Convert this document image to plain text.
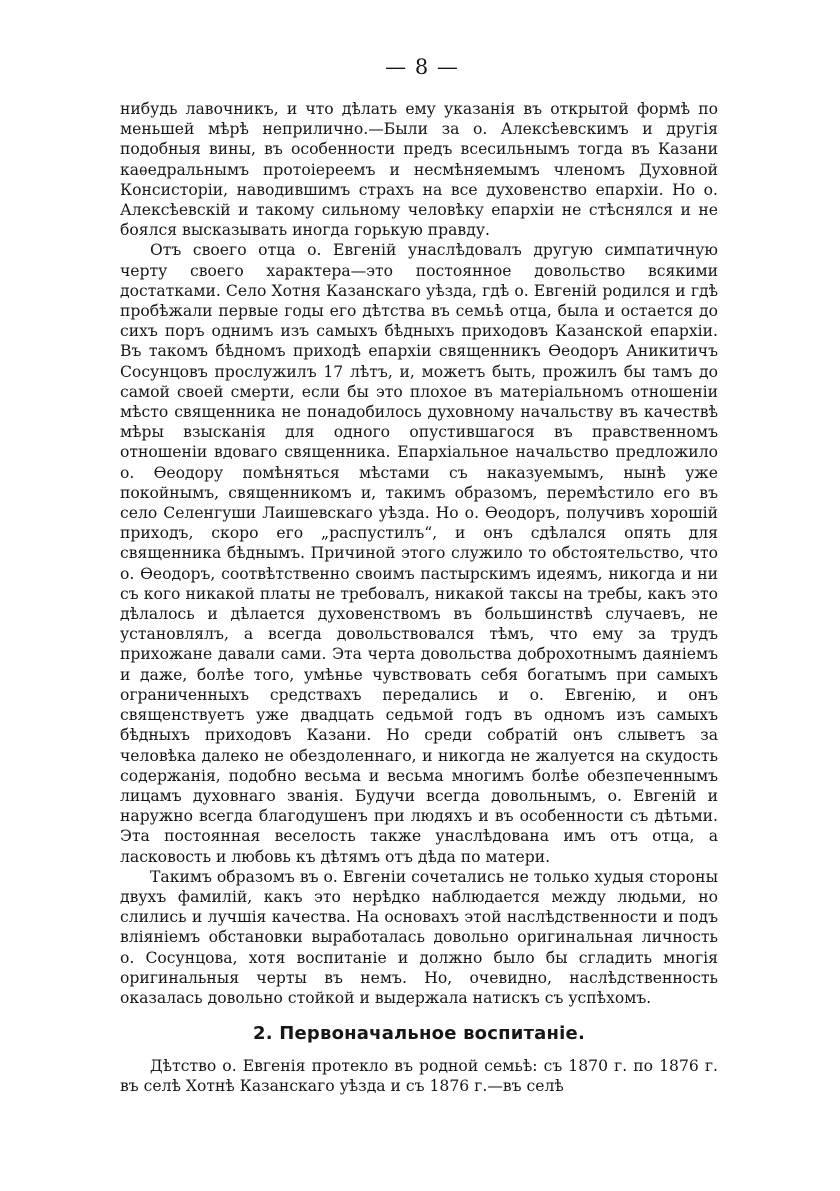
— 8 —

нибудь лавочникъ, и что дѣлать ему указанія въ открытой формѣ по меньшей мѣрѣ неприлично.—Были за о. Алексѣевскимъ и другія подобныя вины, въ особенности предъ всесильнымъ тогда въ Казани каѳедральнымъ протоіереемъ и несмѣняемымъ членомъ Духовной Консисторіи, наводившимъ страхъ на все духовенство епархіи. Но о. Алексѣевскій и такому сильному человѣку епархіи не стѣснялся и не боялся высказывать иногда горькую правду.

Отъ своего отца о. Евгеній унаслѣдовалъ другую симпатичную черту своего характера—это постоянное довольство всякими достатками. Село Хотня Казанскаго уѣзда, гдѣ о. Евгеній родился и гдѣ пробѣжали первые годы его дѣтства въ семьѣ отца, была и остается до сихъ поръ однимъ изъ самыхъ бѣдныхъ приходовъ Казанской епархіи. Въ такомъ бѣдномъ приходѣ епархіи священникъ Ѳеодоръ Аникитичъ Сосунцовъ прослужилъ 17 лѣтъ, и, можетъ быть, прожилъ бы тамъ до самой своей смерти, если бы это плохое въ матеріальномъ отношеніи мѣсто священника не понадобилось духовному начальству въ качествѣ мѣры взысканія для одного опустившагося въ правственномъ отношеніи вдоваго священника. Епархіальное начальство предложило о. Ѳеодору помѣняться мѣстами съ наказуемымъ, нынѣ уже покойнымъ, священникомъ и, такимъ образомъ, перемѣстило его въ село Селенгуши Лаишевскаго уѣзда. Но о. Ѳеодоръ, получивъ хорошій приходъ, скоро его „распустилъ“, и онъ сдѣлался опять для священника бѣднымъ. Причиной этого служило то обстоятельство, что о. Ѳеодоръ, соотвѣтственно своимъ пастырскимъ идеямъ, никогда и ни съ кого никакой платы не требовалъ, никакой таксы на требы, какъ это дѣлалось и дѣлается духовенствомъ въ большинствѣ случаевъ, не установлялъ, а всегда довольствовался тѣмъ, что ему за трудъ прихожане давали сами. Эта черта довольства доброхотнымъ даяніемъ и даже, болѣе того, умѣнье чувствовать себя богатымъ при самыхъ ограниченныхъ средствахъ передались и о. Евгенію, и онъ священствуетъ уже двадцать седьмой годъ въ одномъ изъ самыхъ бѣдныхъ приходовъ Казани. Но среди собратій онъ слыветъ за человѣка далеко не обездоленнаго, и никогда не жалуется на скудость содержанія, подобно весьма и весьма многимъ болѣе обезпеченнымъ лицамъ духовнаго званія. Будучи всегда довольнымъ, о. Евгеній и наружно всегда благодушенъ при людяхъ и въ особенности съ дѣтьми. Эта постоянная веселость также унаслѣдована имъ отъ отца, а ласковость и любовь къ дѣтямъ отъ дѣда по матери.

Такимъ образомъ въ о. Евгеніи сочетались не только худыя стороны двухъ фамилій, какъ это нерѣдко наблюдается между людьми, но слились и лучшія качества. На основахъ этой наслѣдственности и подъ вліяніемъ обстановки выработалась довольно оригинальная личность о. Сосунцова, хотя воспитаніе и должно было бы сгладить многія оригинальныя черты въ немъ. Но, очевидно, наслѣдственность оказалась довольно стойкой и выдержала натискъ съ успѣхомъ.

2. Первоначальное воспитаніе.

Дѣтство о. Евгенія протекло въ родной семьѣ: съ 1870 г. по 1876 г. въ селѣ Хотнѣ Казанскаго уѣзда и съ 1876 г.—въ селѣ
